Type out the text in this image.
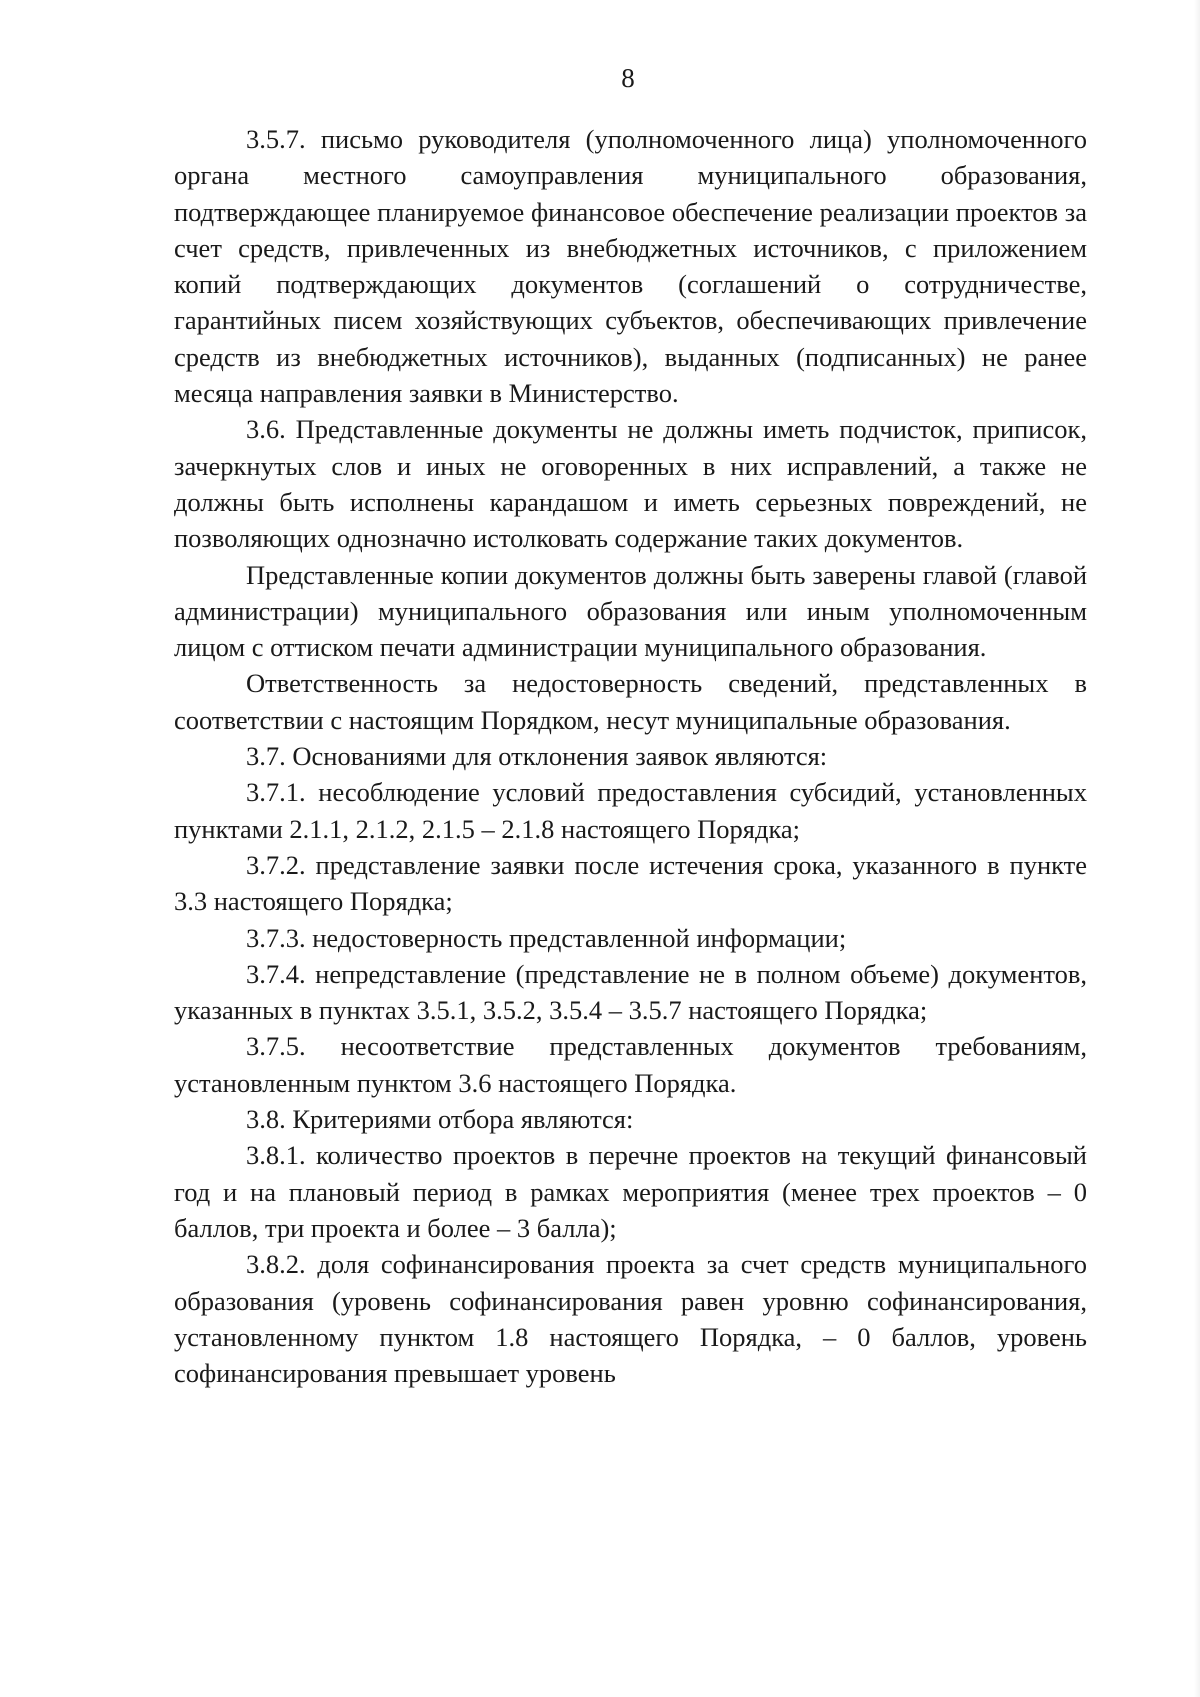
8

3.5.7. письмо руководителя (уполномоченного лица) уполномоченного органа местного самоуправления муниципального образования, подтверждающее планируемое финансовое обеспечение реализации проектов за счет средств, привлеченных из внебюджетных источников, с приложением копий подтверждающих документов (соглашений о сотрудничестве, гарантийных писем хозяйствующих субъектов, обеспечивающих привлечение средств из внебюджетных источников), выданных (подписанных) не ранее месяца направления заявки в Министерство.

3.6. Представленные документы не должны иметь подчисток, приписок, зачеркнутых слов и иных не оговоренных в них исправлений, а также не должны быть исполнены карандашом и иметь серьезных повреждений, не позволяющих однозначно истолковать содержание таких документов.

Представленные копии документов должны быть заверены главой (главой администрации) муниципального образования или иным уполномоченным лицом с оттиском печати администрации муниципального образования.

Ответственность за недостоверность сведений, представленных в соответствии с настоящим Порядком, несут муниципальные образования.

3.7. Основаниями для отклонения заявок являются:

3.7.1. несоблюдение условий предоставления субсидий, установленных пунктами 2.1.1, 2.1.2, 2.1.5 – 2.1.8 настоящего Порядка;

3.7.2. представление заявки после истечения срока, указанного в пункте 3.3 настоящего Порядка;

3.7.3. недостоверность представленной информации;

3.7.4. непредставление (представление не в полном объеме) документов, указанных в пунктах 3.5.1, 3.5.2, 3.5.4 – 3.5.7 настоящего Порядка;

3.7.5. несоответствие представленных документов требованиям, установленным пунктом 3.6 настоящего Порядка.

3.8. Критериями отбора являются:

3.8.1. количество проектов в перечне проектов на текущий финансовый год и на плановый период в рамках мероприятия (менее трех проектов – 0 баллов, три проекта и более – 3 балла);

3.8.2. доля софинансирования проекта за счет средств муниципального образования (уровень софинансирования равен уровню софинансирования, установленному пунктом 1.8 настоящего Порядка, – 0 баллов, уровень софинансирования превышает уровень
